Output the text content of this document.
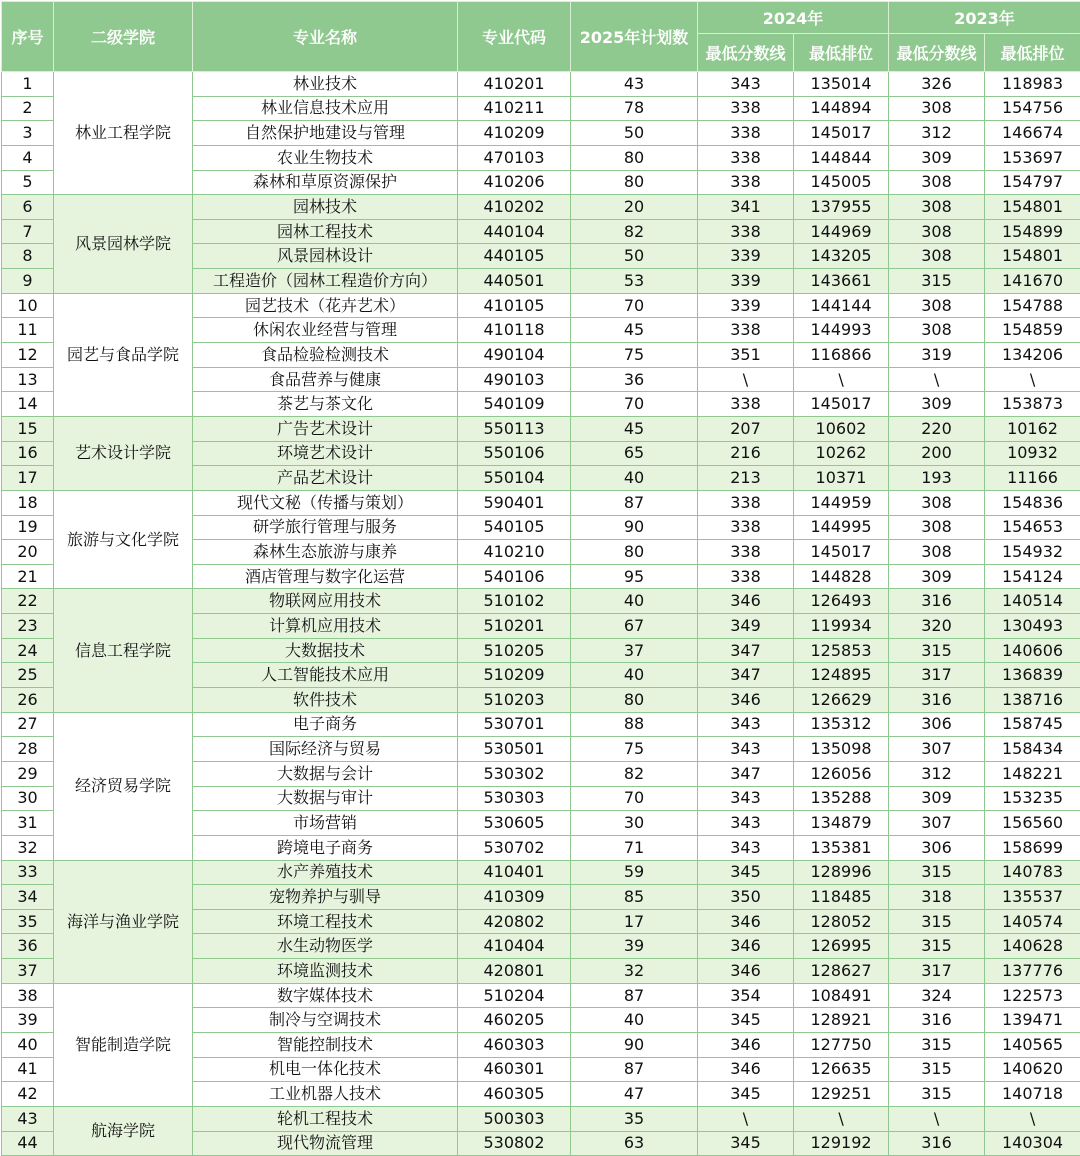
序号	二级学院	专业名称	专业代码	2025年计划数	2024年		2023年	
					最低分数线	最低排位	最低分数线	最低排位
1	林业工程学院	林业技术	410201	43	343	135014	326	118983
2		林业信息技术应用	410211	78	338	144894	308	154756
3		自然保护地建设与管理	410209	50	338	145017	312	146674
4		农业生物技术	470103	80	338	144844	309	153697
5		森林和草原资源保护	410206	80	338	145005	308	154797
6	风景园林学院	园林技术	410202	20	341	137955	308	154801
7		园林工程技术	440104	82	338	144969	308	154899
8		风景园林设计	440105	50	339	143205	308	154801
9		工程造价（园林工程造价方向）	440501	53	339	143661	315	141670
10	园艺与食品学院	园艺技术（花卉艺术）	410105	70	339	144144	308	154788
11		休闲农业经营与管理	410118	45	338	144993	308	154859
12		食品检验检测技术	490104	75	351	116866	319	134206
13		食品营养与健康	490103	36	\	\	\	\
14		茶艺与茶文化	540109	70	338	145017	309	153873
15	艺术设计学院	广告艺术设计	550113	45	207	10602	220	10162
16		环境艺术设计	550106	65	216	10262	200	10932
17		产品艺术设计	550104	40	213	10371	193	11166
18	旅游与文化学院	现代文秘（传播与策划）	590401	87	338	144959	308	154836
19		研学旅行管理与服务	540105	90	338	144995	308	154653
20		森林生态旅游与康养	410210	80	338	145017	308	154932
21		酒店管理与数字化运营	540106	95	338	144828	309	154124
22	信息工程学院	物联网应用技术	510102	40	346	126493	316	140514
23		计算机应用技术	510201	67	349	119934	320	130493
24		大数据技术	510205	37	347	125853	315	140606
25		人工智能技术应用	510209	40	347	124895	317	136839
26		软件技术	510203	80	346	126629	316	138716
27	经济贸易学院	电子商务	530701	88	343	135312	306	158745
28		国际经济与贸易	530501	75	343	135098	307	158434
29		大数据与会计	530302	82	347	126056	312	148221
30		大数据与审计	530303	70	343	135288	309	153235
31		市场营销	530605	30	343	134879	307	156560
32		跨境电子商务	530702	71	343	135381	306	158699
33	海洋与渔业学院	水产养殖技术	410401	59	345	128996	315	140783
34		宠物养护与驯导	410309	85	350	118485	318	135537
35		环境工程技术	420802	17	346	128052	315	140574
36		水生动物医学	410404	39	346	126995	315	140628
37		环境监测技术	420801	32	346	128627	317	137776
38	智能制造学院	数字媒体技术	510204	87	354	108491	324	122573
39		制冷与空调技术	460205	40	345	128921	316	139471
40		智能控制技术	460303	90	346	127750	315	140565
41		机电一体化技术	460301	87	346	126635	315	140620
42		工业机器人技术	460305	47	345	129251	315	140718
43	航海学院	轮机工程技术	500303	35	\	\	\	\
44		现代物流管理	530802	63	345	129192	316	140304
